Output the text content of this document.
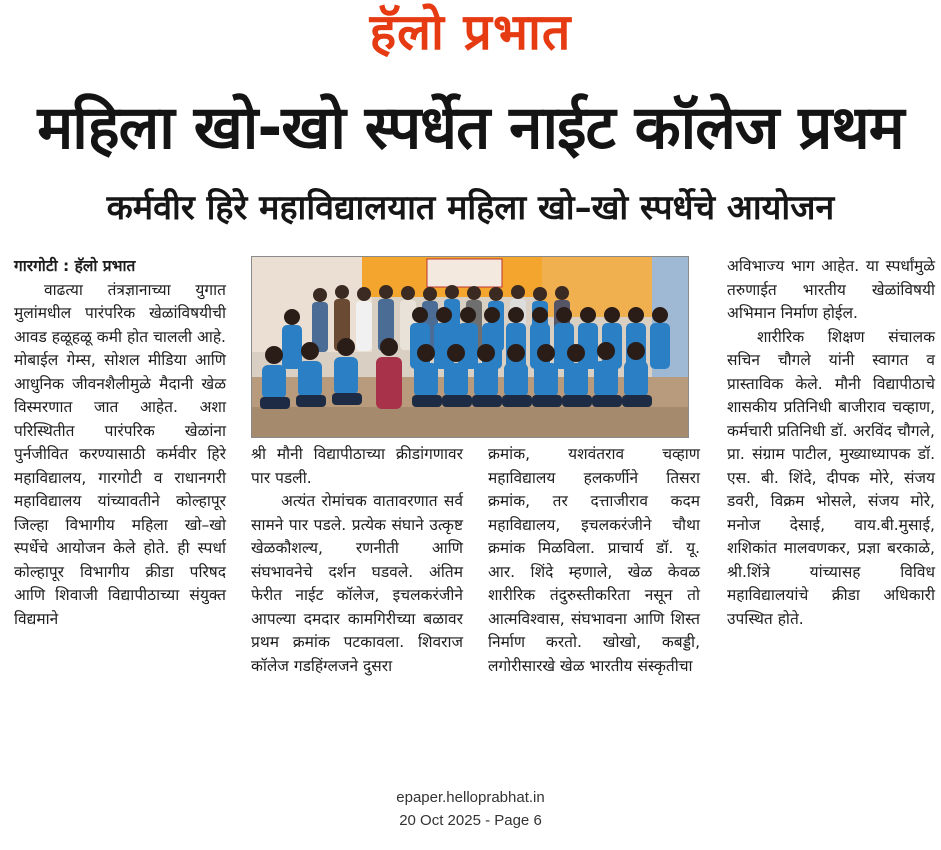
हॅलो प्रभात
महिला खो-खो स्पर्धेत नाईट कॉलेज प्रथम
कर्मवीर हिरे महाविद्यालयात महिला खो–खो स्पर्धेचे आयोजन

गारगोटी : हॅलो प्रभात

वाढत्या तंत्रज्ञानाच्या युगात मुलांमधील पारंपरिक खेळांविषयीची आवड हळूहळू कमी होत चालली आहे. मोबाईल गेम्स, सोशल मीडिया आणि आधुनिक जीवनशैलीमुळे मैदानी खेळ विस्मरणात जात आहेत. अशा परिस्थितीत पारंपरिक खेळांना पुर्नजीवित करण्यासाठी कर्मवीर हिरे महाविद्यालय, गारगोटी व राधानगरी महाविद्यालय यांच्यावतीने कोल्हापूर जिल्हा विभागीय महिला खो–खो स्पर्धेचे आयोजन केले होते. ही स्पर्धा कोल्हापूर विभागीय क्रीडा परिषद आणि शिवाजी विद्यापीठाच्या संयुक्त विद्यमाने

श्री मौनी विद्यापीठाच्या क्रीडांगणावर पार पडली.

अत्यंत रोमांचक वातावरणात सर्व सामने पार पडले. प्रत्येक संघाने उत्कृष्ट खेळकौशल्य, रणनीती आणि संघभावनेचे दर्शन घडवले. अंतिम फेरीत नाईट कॉलेज, इचलकरंजीने आपल्या दमदार कामगिरीच्या बळावर प्रथम क्रमांक पटकावला. शिवराज कॉलेज गडहिंग्लजने दुसरा

क्रमांक, यशवंतराव चव्हाण महाविद्यालय हलकर्णीने तिसरा क्रमांक, तर दत्ताजीराव कदम महाविद्यालय, इचलकरंजीने चौथा क्रमांक मिळविला. प्राचार्य डॉ. यू. आर. शिंदे म्हणाले, खेळ केवळ शारीरिक तंदुरुस्तीकरिता नसून तो आत्मविश्वास, संघभावना आणि शिस्त निर्माण करतो. खोखो, कबड्डी, लगोरीसारखे खेळ भारतीय संस्कृतीचा

अविभाज्य भाग आहेत. या स्पर्धांमुळे तरुणाईत भारतीय खेळांविषयी अभिमान निर्माण होईल.

शारीरिक शिक्षण संचालक सचिन चौगले यांनी स्वागत व प्रास्ताविक केले. मौनी विद्यापीठाचे शासकीय प्रतिनिधी बाजीराव चव्हाण, कर्मचारी प्रतिनिधी डॉ. अरविंद चौगले, प्रा. संग्राम पाटील, मुख्याध्यापक डॉ. एस. बी. शिंदे, दीपक मोरे, संजय डवरी, विक्रम भोसले, संजय मोरे, मनोज देसाई, वाय.बी.मुसाई, शशिकांत मालवणकर, प्रज्ञा बरकाळे, श्री.शिंत्रे यांच्यासह विविध महाविद्यालयांचे क्रीडा अधिकारी उपस्थित होते.

epaper.helloprabhat.in
20 Oct 2025 - Page 6
